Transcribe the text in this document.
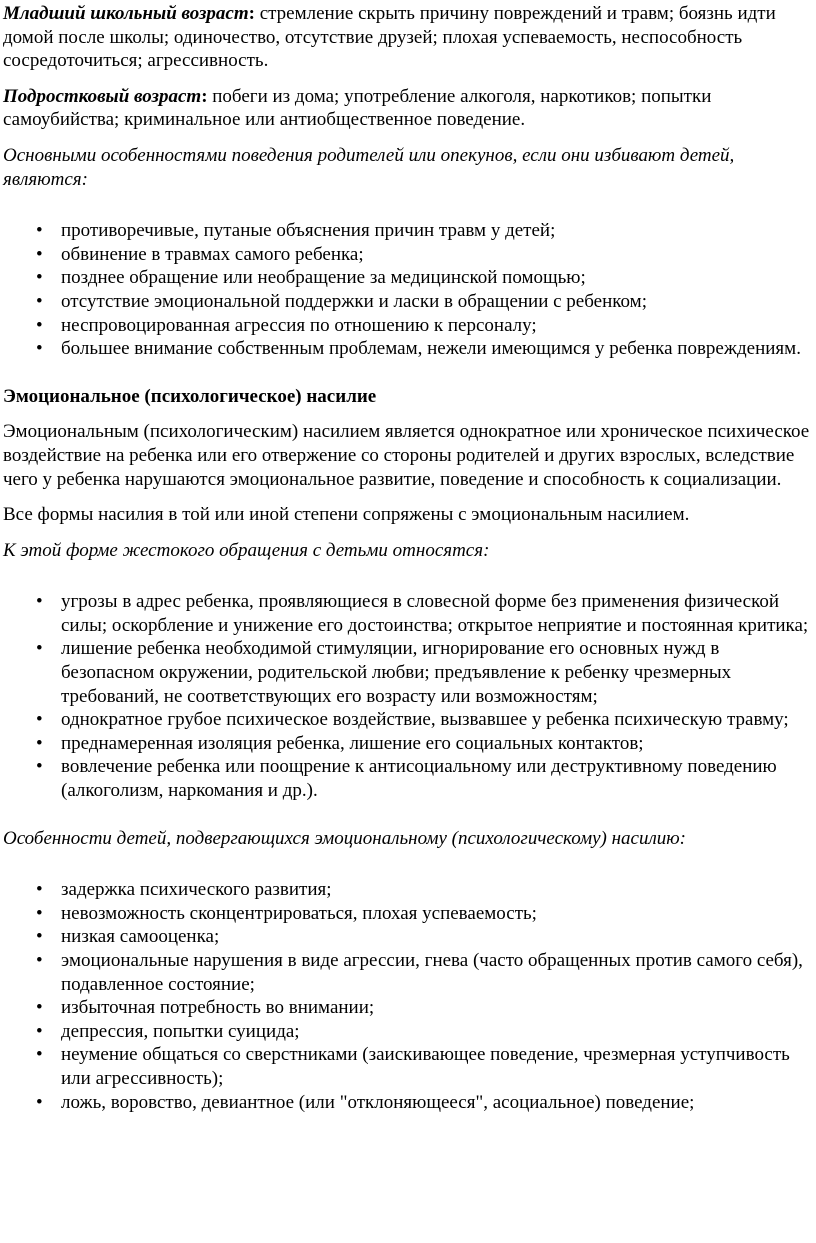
Младший школьный возраст: стремление скрыть причину повреждений и травм; боязнь идти домой после школы; одиночество, отсутствие друзей; плохая успеваемость, неспособность сосредоточиться; агрессивность.

Подростковый возраст: побеги из дома; употребление алкоголя, наркотиков; попытки самоубийства; криминальное или антиобщественное поведение.

Основными особенностями поведения родителей или опекунов, если они избивают детей, являются:

• противоречивые, путаные объяснения причин травм у детей;
• обвинение в травмах самого ребенка;
• позднее обращение или необращение за медицинской помощью;
• отсутствие эмоциональной поддержки и ласки в обращении с ребенком;
• неспровоцированная агрессия по отношению к персоналу;
• большее внимание собственным проблемам, нежели имеющимся у ребенка повреждениям.

Эмоциональное (психологическое) насилие

Эмоциональным (психологическим) насилием является однократное или хроническое психическое воздействие на ребенка или его отвержение со стороны родителей и других взрослых, вследствие чего у ребенка нарушаются эмоциональное развитие, поведение и способность к социализации.

Все формы насилия в той или иной степени сопряжены с эмоциональным насилием.

К этой форме жестокого обращения с детьми относятся:

• угрозы в адрес ребенка, проявляющиеся в словесной форме без применения физической силы; оскорбление и унижение его достоинства; открытое неприятие и постоянная критика;
• лишение ребенка необходимой стимуляции, игнорирование его основных нужд в безопасном окружении, родительской любви; предъявление к ребенку чрезмерных требований, не соответствующих его возрасту или возможностям;
• однократное грубое психическое воздействие, вызвавшее у ребенка психическую травму;
• преднамеренная изоляция ребенка, лишение его социальных контактов;
• вовлечение ребенка или поощрение к антисоциальному или деструктивному поведению (алкоголизм, наркомания и др.).

Особенности детей, подвергающихся эмоциональному (психологическому) насилию:

• задержка психического развития;
• невозможность сконцентрироваться, плохая успеваемость;
• низкая самооценка;
• эмоциональные нарушения в виде агрессии, гнева (часто обращенных против самого себя), подавленное состояние;
• избыточная потребность во внимании;
• депрессия, попытки суицида;
• неумение общаться со сверстниками (заискивающее поведение, чрезмерная уступчивость или агрессивность);
• ложь, воровство, девиантное (или "отклоняющееся", асоциальное) поведение;
